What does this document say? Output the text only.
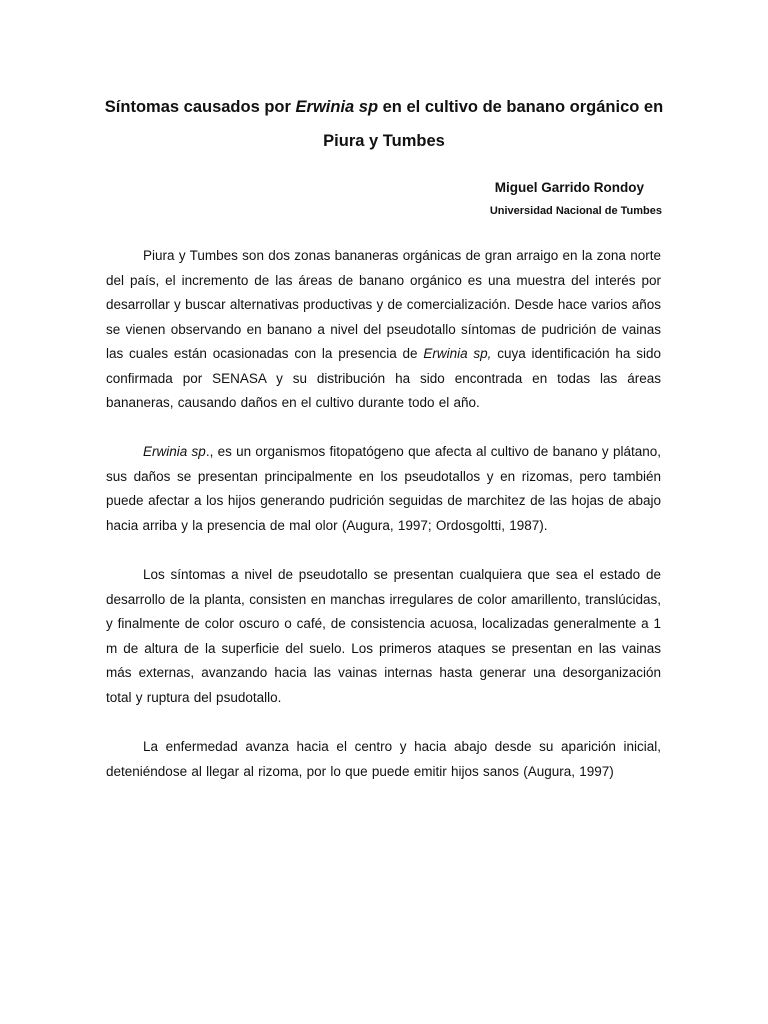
Síntomas causados por Erwinia sp en el cultivo de banano orgánico en Piura y Tumbes
Miguel Garrido Rondoy
Universidad Nacional de Tumbes

Piura y Tumbes son dos zonas bananeras orgánicas de gran arraigo en la zona norte del país, el incremento de las áreas de banano orgánico es una muestra del interés por desarrollar y buscar alternativas productivas y de comercialización. Desde hace varios años se vienen observando en banano a nivel del pseudotallo síntomas de pudrición de vainas las cuales están ocasionadas con la presencia de Erwinia sp, cuya identificación ha sido confirmada por SENASA y su distribución ha sido encontrada en todas las áreas bananeras, causando daños en el cultivo durante todo el año.

Erwinia sp., es un organismos fitopatógeno que afecta al cultivo de banano y plátano, sus daños se presentan principalmente en los pseudotallos y en rizomas, pero también puede afectar a los hijos generando pudrición seguidas de marchitez de las hojas de abajo hacia arriba y la presencia de mal olor (Augura, 1997; Ordosgoltti, 1987).

Los síntomas a nivel de pseudotallo se presentan cualquiera que sea el estado de desarrollo de la planta, consisten en manchas irregulares de color amarillento, translúcidas, y finalmente de color oscuro o café, de consistencia acuosa, localizadas generalmente a 1 m de altura de la superficie del suelo. Los primeros ataques se presentan en las vainas más externas, avanzando hacia las vainas internas hasta generar una desorganización total y ruptura del psudotallo.

La enfermedad avanza hacia el centro y hacia abajo desde su aparición inicial, deteniéndose al llegar al rizoma, por lo que puede emitir hijos sanos (Augura, 1997)
